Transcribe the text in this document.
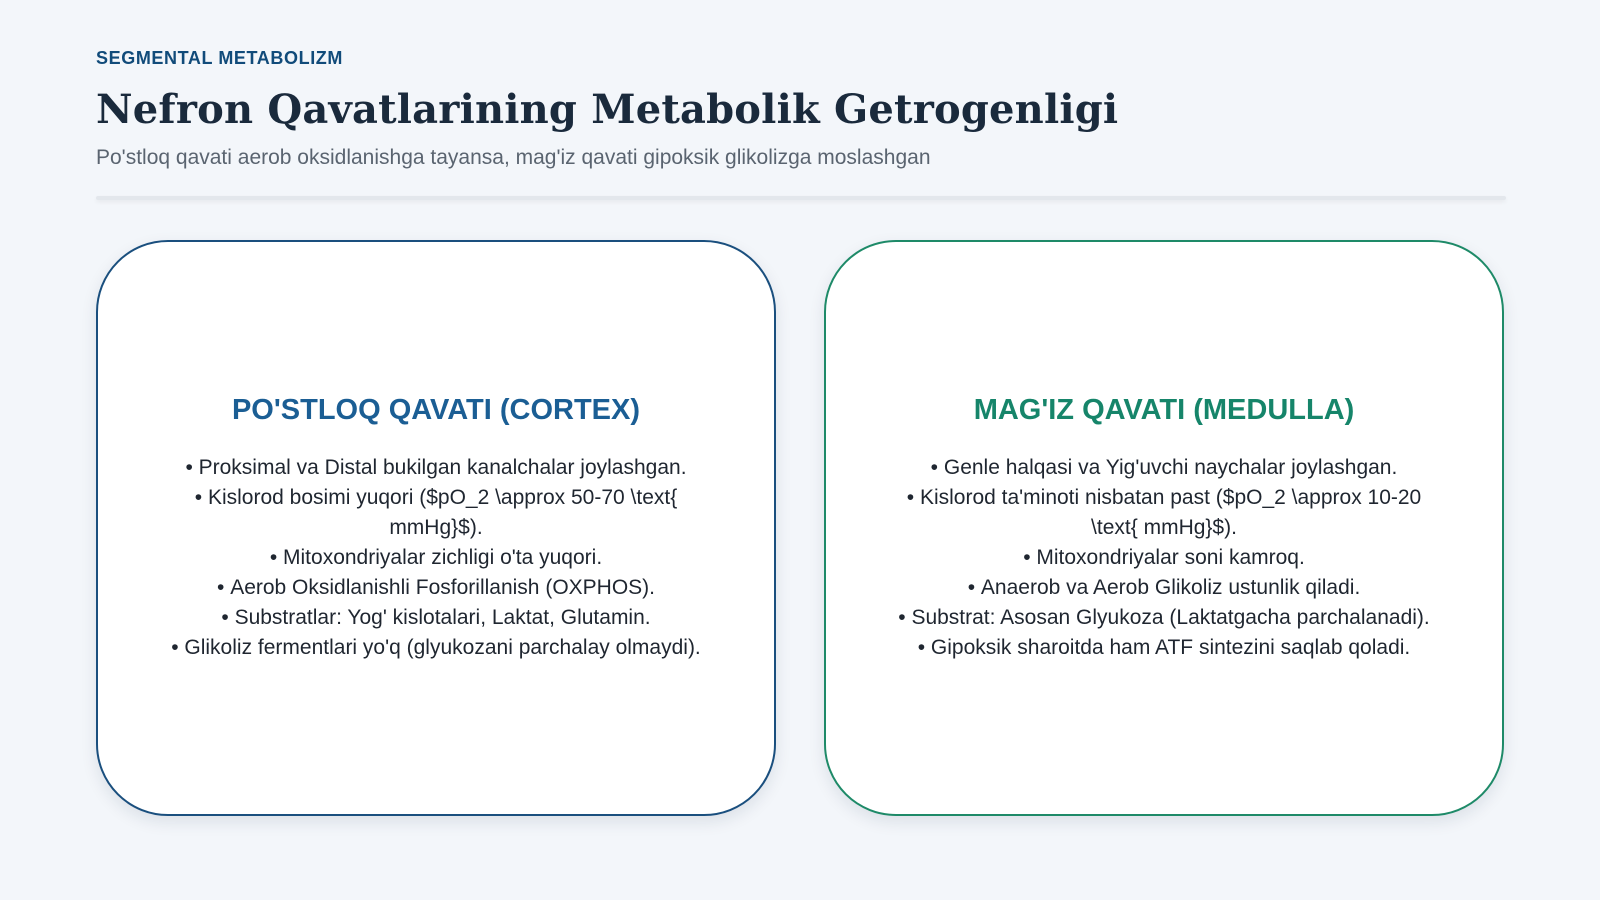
SEGMENTAL METABOLIZM
Nefron Qavatlarining Metabolik Getrogenligi
Po'stloq qavati aerob oksidlanishga tayansa, mag'iz qavati gipoksik glikolizga moslashgan
PO'STLOQ QAVATI (CORTEX)
• Proksimal va Distal bukilgan kanalchalar joylashgan.
• Kislorod bosimi yuqori ($pO_2 \approx 50-70 \text{ mmHg}$).
• Mitoxondriyalar zichligi o'ta yuqori.
• Aerob Oksidlanishli Fosforillanish (OXPHOS).
• Substratlar: Yog' kislotalari, Laktat, Glutamin.
• Glikoliz fermentlari yo'q (glyukozani parchalay olmaydi).
MAG'IZ QAVATI (MEDULLA)
• Genle halqasi va Yig'uvchi naychalar joylashgan.
• Kislorod ta'minoti nisbatan past ($pO_2 \approx 10-20 \text{ mmHg}$).
• Mitoxondriyalar soni kamroq.
• Anaerob va Aerob Glikoliz ustunlik qiladi.
• Substrat: Asosan Glyukoza (Laktatgacha parchalanadi).
• Gipoksik sharoitda ham ATF sintezini saqlab qoladi.
